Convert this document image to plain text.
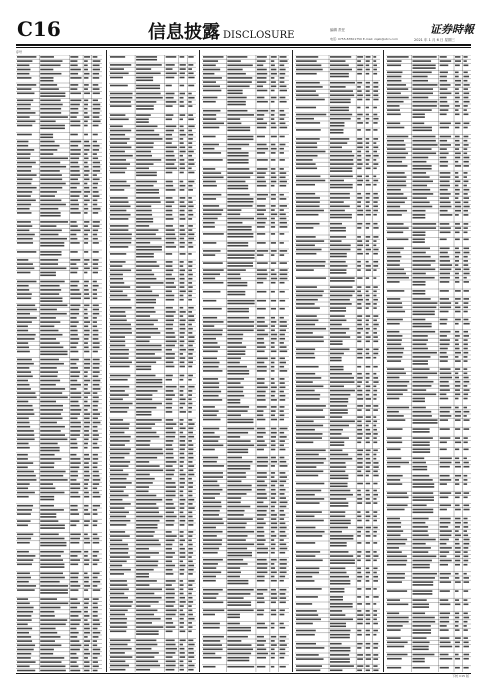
C16	信息披露 DISCLOSURE	编辑 责任
电话: 0755-83501750 E-mail: zqsb@stcn.com
证券時報
2021 年 1 月 6 日 星期三
序号
下转 C15 版
